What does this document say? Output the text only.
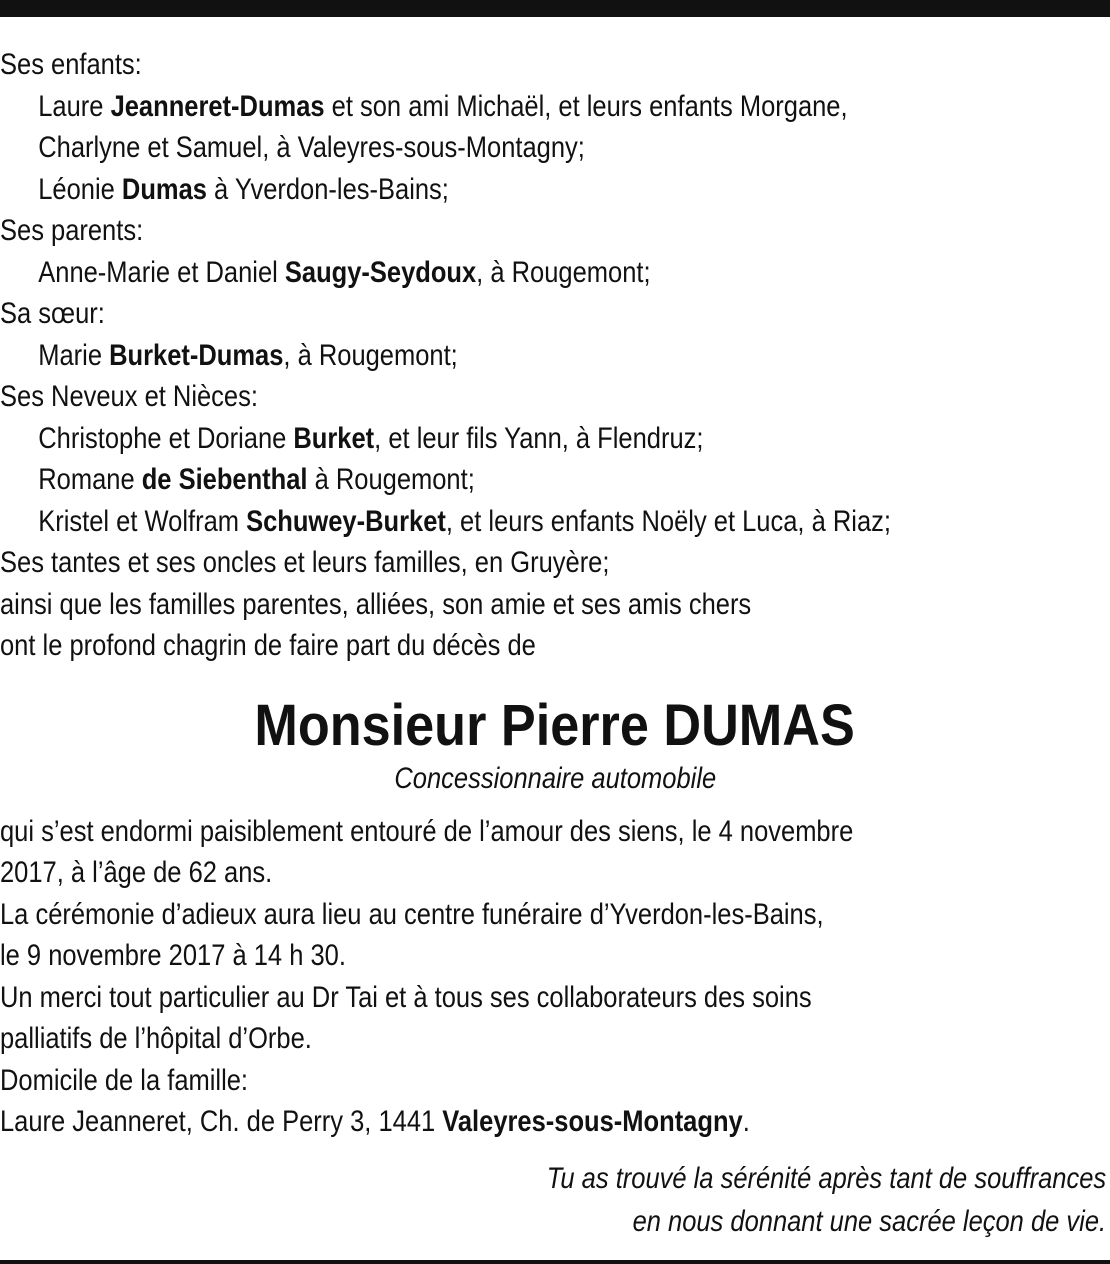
Ses enfants:
Laure Jeanneret-Dumas et son ami Michaël, et leurs enfants Morgane,
Charlyne et Samuel, à Valeyres-sous-Montagny;
Léonie Dumas à Yverdon-les-Bains;
Ses parents:
Anne-Marie et Daniel Saugy-Seydoux, à Rougemont;
Sa sœur:
Marie Burket-Dumas, à Rougemont;
Ses Neveux et Nièces:
Christophe et Doriane Burket, et leur fils Yann, à Flendruz;
Romane de Siebenthal à Rougemont;
Kristel et Wolfram Schuwey-Burket, et leurs enfants Noëly et Luca, à Riaz;
Ses tantes et ses oncles et leurs familles, en Gruyère;
ainsi que les familles parentes, alliées, son amie et ses amis chers
ont le profond chagrin de faire part du décès de
Monsieur Pierre DUMAS
Concessionnaire automobile
qui s’est endormi paisiblement entouré de l’amour des siens, le 4 novembre
2017, à l’âge de 62 ans.
La cérémonie d’adieux aura lieu au centre funéraire d’Yverdon-les-Bains,
le 9 novembre 2017 à 14 h 30.
Un merci tout particulier au Dr Tai et à tous ses collaborateurs des soins
palliatifs de l’hôpital d’Orbe.
Domicile de la famille:
Laure Jeanneret, Ch. de Perry 3, 1441 Valeyres-sous-Montagny.
Tu as trouvé la sérénité après tant de souffrances
en nous donnant une sacrée leçon de vie.
